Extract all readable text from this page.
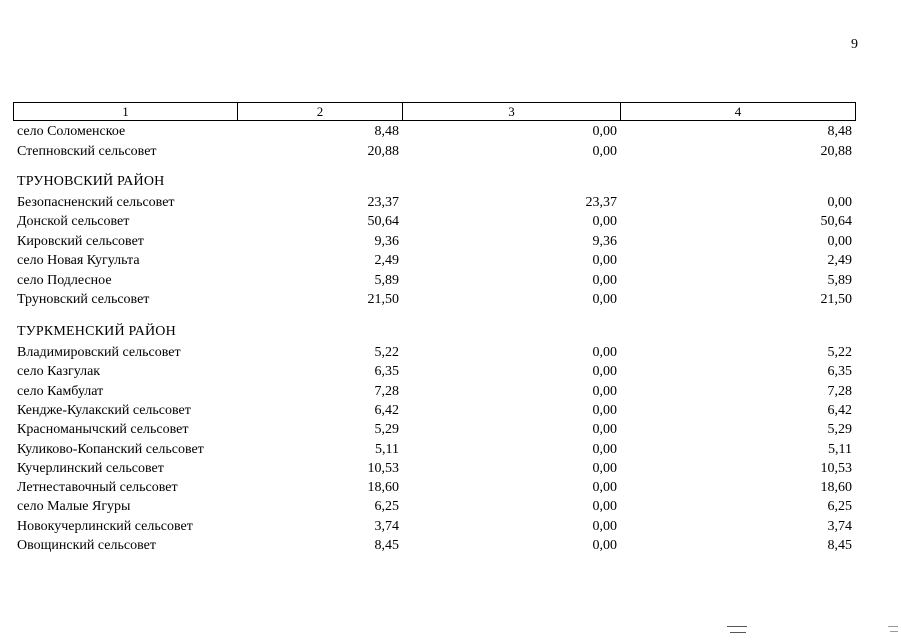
9
1	2	3	4
село Соломенское	8,48	0,00	8,48
Степновский сельсовет	20,88	0,00	20,88
ТРУНОВСКИЙ РАЙОН
Безопасненский сельсовет	23,37	23,37	0,00
Донской сельсовет	50,64	0,00	50,64
Кировский сельсовет	9,36	9,36	0,00
село Новая Кугульта	2,49	0,00	2,49
село Подлесное	5,89	0,00	5,89
Труновский сельсовет	21,50	0,00	21,50
ТУРКМЕНСКИЙ РАЙОН
Владимировский сельсовет	5,22	0,00	5,22
село Казгулак	6,35	0,00	6,35
село Камбулат	7,28	0,00	7,28
Кендже-Кулакский сельсовет	6,42	0,00	6,42
Красноманычский сельсовет	5,29	0,00	5,29
Куликово-Копанский сельсовет	5,11	0,00	5,11
Кучерлинский сельсовет	10,53	0,00	10,53
Летнеставочный сельсовет	18,60	0,00	18,60
село Малые Ягуры	6,25	0,00	6,25
Новокучерлинский сельсовет	3,74	0,00	3,74
Овощинский сельсовет	8,45	0,00	8,45
